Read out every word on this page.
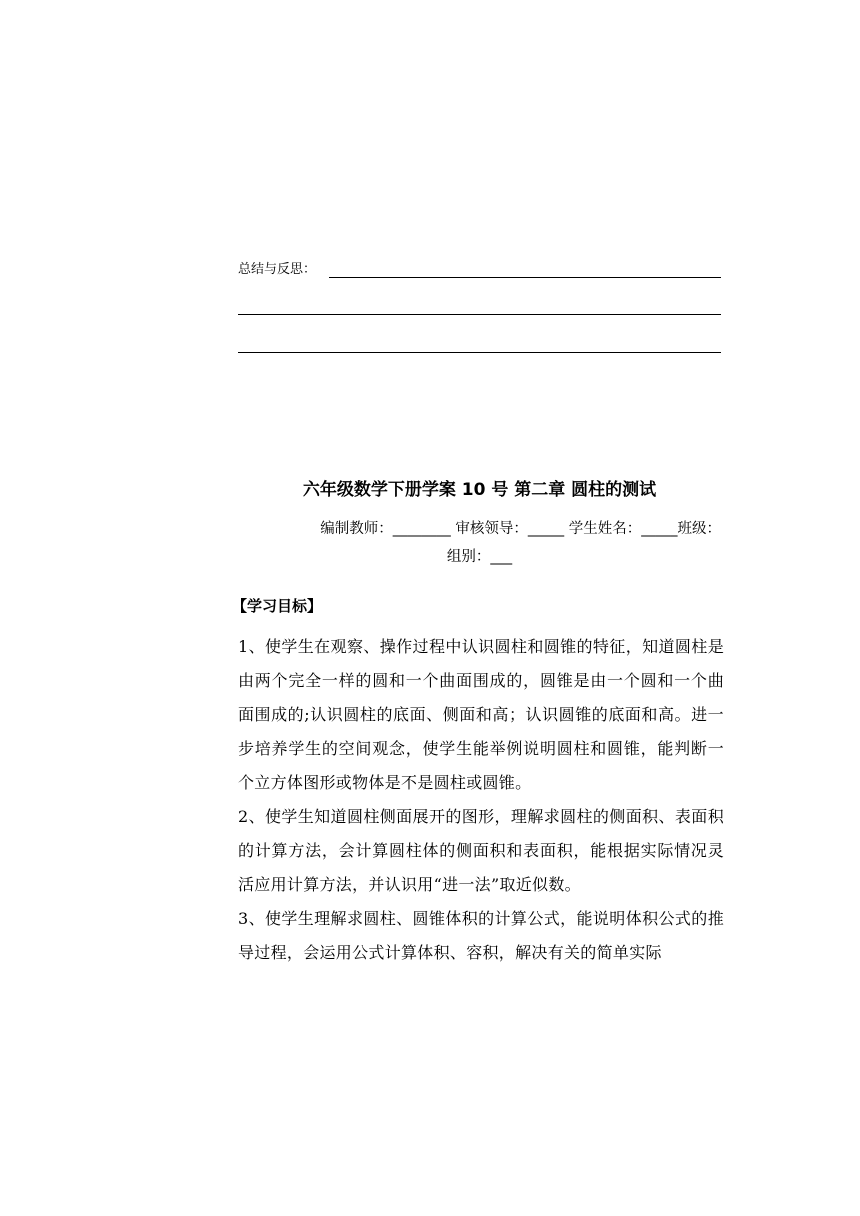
总结与反思：
六年级数学下册学案 10 号 第二章 圆柱的测试
编制教师：________ 审核领导：_____ 学生姓名：_____班级：
组别：___
【学习目标】

1、使学生在观察、操作过程中认识圆柱和圆锥的特征，知道圆柱是由两个完全一样的圆和一个曲面围成的，圆锥是由一个圆和一个曲面围成的;认识圆柱的底面、侧面和高；认识圆锥的底面和高。进一步培养学生的空间观念，使学生能举例说明圆柱和圆锥，能判断一个立方体图形或物体是不是圆柱或圆锥。

2、使学生知道圆柱侧面展开的图形，理解求圆柱的侧面积、表面积的计算方法，会计算圆柱体的侧面积和表面积，能根据实际情况灵活应用计算方法，并认识用“进一法”取近似数。

3、使学生理解求圆柱、圆锥体积的计算公式，能说明体积公式的推导过程，会运用公式计算体积、容积，解决有关的简单实际
